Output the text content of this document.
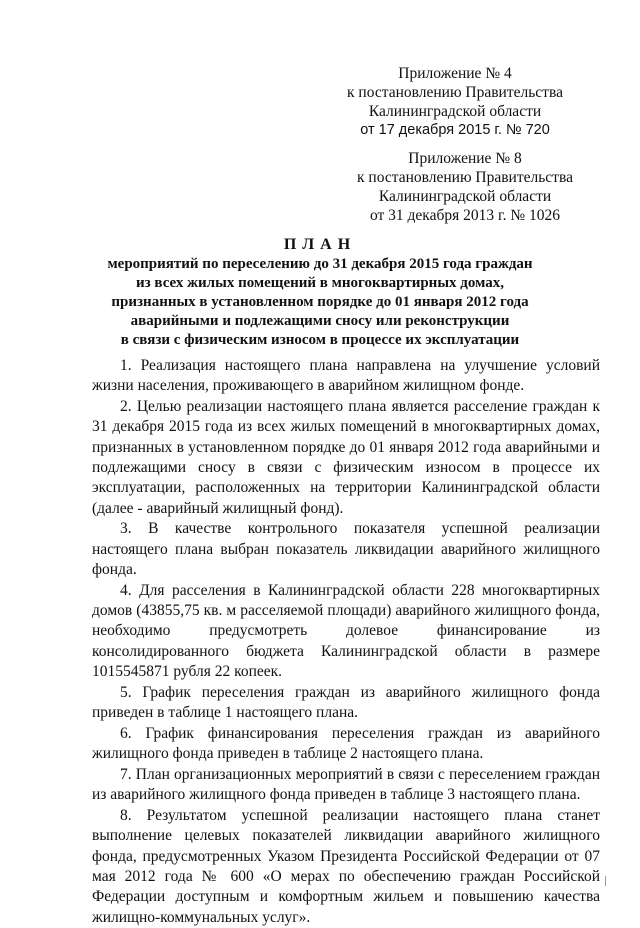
Приложение № 4
к постановлению Правительства
Калининградской области
от 17 декабря 2015 г. № 720
Приложение № 8
к постановлению Правительства
Калининградской области
от 31 декабря 2013 г. № 1026
ПЛАН
мероприятий по переселению до 31 декабря 2015 года граждан
из всех жилых помещений в многоквартирных домах,
признанных в установленном порядке до 01 января 2012 года
аварийными и подлежащими сносу или реконструкции
в связи с физическим износом в процессе их эксплуатации

1. Реализация настоящего плана направлена на улучшение условий жизни населения, проживающего в аварийном жилищном фонде.

2. Целью реализации настоящего плана является расселение граждан к 31 декабря 2015 года из всех жилых помещений в многоквартирных домах, признанных в установленном порядке до 01 января 2012 года аварийными и подлежащими сносу в связи с физическим износом в процессе их эксплуатации, расположенных на территории Калининградской области (далее - аварийный жилищный фонд).

3. В качестве контрольного показателя успешной реализации настоящего плана выбран показатель ликвидации аварийного жилищного фонда.

4. Для расселения в Калининградской области 228 многоквартирных домов (43855,75 кв. м расселяемой площади) аварийного жилищного фонда, необходимо предусмотреть долевое финансирование из консолидированного бюджета Калининградской области в размере 1015545871 рубля 22 копеек.

5. График переселения граждан из аварийного жилищного фонда приведен в таблице 1 настоящего плана.

6. График финансирования переселения граждан из аварийного жилищного фонда приведен в таблице 2 настоящего плана.

7. План организационных мероприятий в связи с переселением граждан из аварийного жилищного фонда приведен в таблице 3 настоящего плана.

8. Результатом успешной реализации настоящего плана станет выполнение целевых показателей ликвидации аварийного жилищного фонда, предусмотренных Указом Президента Российской Федерации от 07 мая 2012 года № 600 «О мерах по обеспечению граждан Российской Федерации доступным и комфортным жильем и повышению качества жилищно-коммунальных услуг».
